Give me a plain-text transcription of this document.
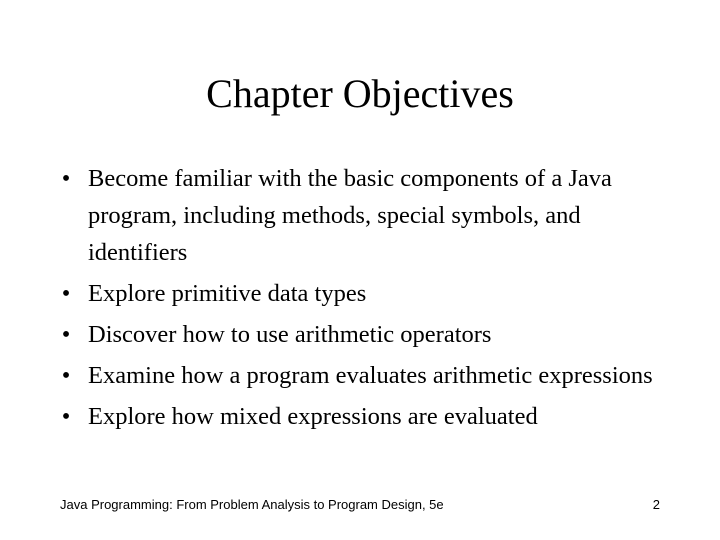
Chapter Objectives
• Become familiar with the basic components of a Java program, including methods, special symbols, and identifiers
• Explore primitive data types
• Discover how to use arithmetic operators
• Examine how a program evaluates arithmetic expressions
• Explore how mixed expressions are evaluated
Java Programming: From Problem Analysis to Program Design, 5e	2
